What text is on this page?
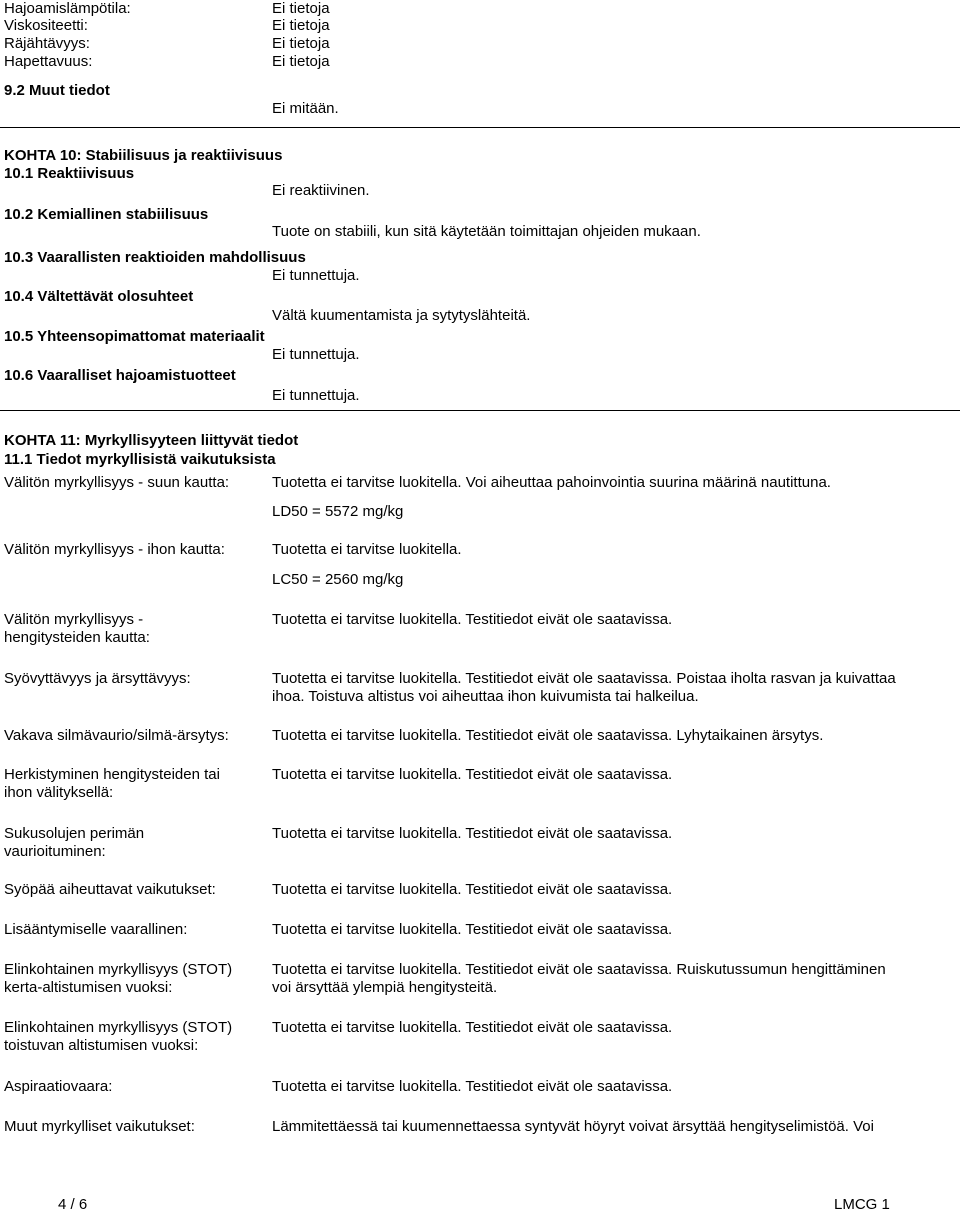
Hajoamislämpötila:	Ei tietoja
Viskositeetti:	Ei tietoja
Räjähtävyys:	Ei tietoja
Hapettavuus:	Ei tietoja
9.2 Muut tiedot
Ei mitään.
KOHTA 10: Stabiilisuus ja reaktiivisuus
10.1 Reaktiivisuus
Ei reaktiivinen.
10.2 Kemiallinen stabiilisuus
Tuote on stabiili, kun sitä käytetään toimittajan ohjeiden mukaan.
10.3 Vaarallisten reaktioiden mahdollisuus
Ei tunnettuja.
10.4 Vältettävät olosuhteet
Vältä kuumentamista ja sytytyslähteitä.
10.5 Yhteensopimattomat materiaalit
Ei tunnettuja.
10.6 Vaaralliset hajoamistuotteet
Ei tunnettuja.
KOHTA 11: Myrkyllisyyteen liittyvät tiedot
11.1 Tiedot myrkyllisistä vaikutuksista
Välitön myrkyllisyys - suun kautta:	Tuotetta ei tarvitse luokitella. Voi aiheuttaa pahoinvointia suurina määrinä nautittuna.
LD50 = 5572 mg/kg
Välitön myrkyllisyys - ihon kautta:	Tuotetta ei tarvitse luokitella.
LC50 = 2560 mg/kg
Välitön myrkyllisyys -
hengitysteiden kautta:
Tuotetta ei tarvitse luokitella. Testitiedot eivät ole saatavissa.
Syövyttävyys ja ärsyttävyys:	Tuotetta ei tarvitse luokitella. Testitiedot eivät ole saatavissa. Poistaa iholta rasvan ja kuivattaa
ihoa. Toistuva altistus voi aiheuttaa ihon kuivumista tai halkeilua.
Vakava silmävaurio/silmä-ärsytys:	Tuotetta ei tarvitse luokitella. Testitiedot eivät ole saatavissa. Lyhytaikainen ärsytys.
Herkistyminen hengitysteiden tai
ihon välityksellä:
Tuotetta ei tarvitse luokitella. Testitiedot eivät ole saatavissa.
Sukusolujen perimän
vaurioituminen:
Tuotetta ei tarvitse luokitella. Testitiedot eivät ole saatavissa.
Syöpää aiheuttavat vaikutukset:	Tuotetta ei tarvitse luokitella. Testitiedot eivät ole saatavissa.
Lisääntymiselle vaarallinen:	Tuotetta ei tarvitse luokitella. Testitiedot eivät ole saatavissa.
Elinkohtainen myrkyllisyys (STOT)
kerta-altistumisen vuoksi:
Tuotetta ei tarvitse luokitella. Testitiedot eivät ole saatavissa. Ruiskutussumun hengittäminen
voi ärsyttää ylempiä hengitysteitä.
Elinkohtainen myrkyllisyys (STOT)
toistuvan altistumisen vuoksi:
Tuotetta ei tarvitse luokitella. Testitiedot eivät ole saatavissa.
Aspiraatiovaara:	Tuotetta ei tarvitse luokitella. Testitiedot eivät ole saatavissa.
Muut myrkylliset vaikutukset:	Lämmitettäessä tai kuumennettaessa syntyvät höyryt voivat ärsyttää hengityselimistöä. Voi
4 / 6	LMCG 1
